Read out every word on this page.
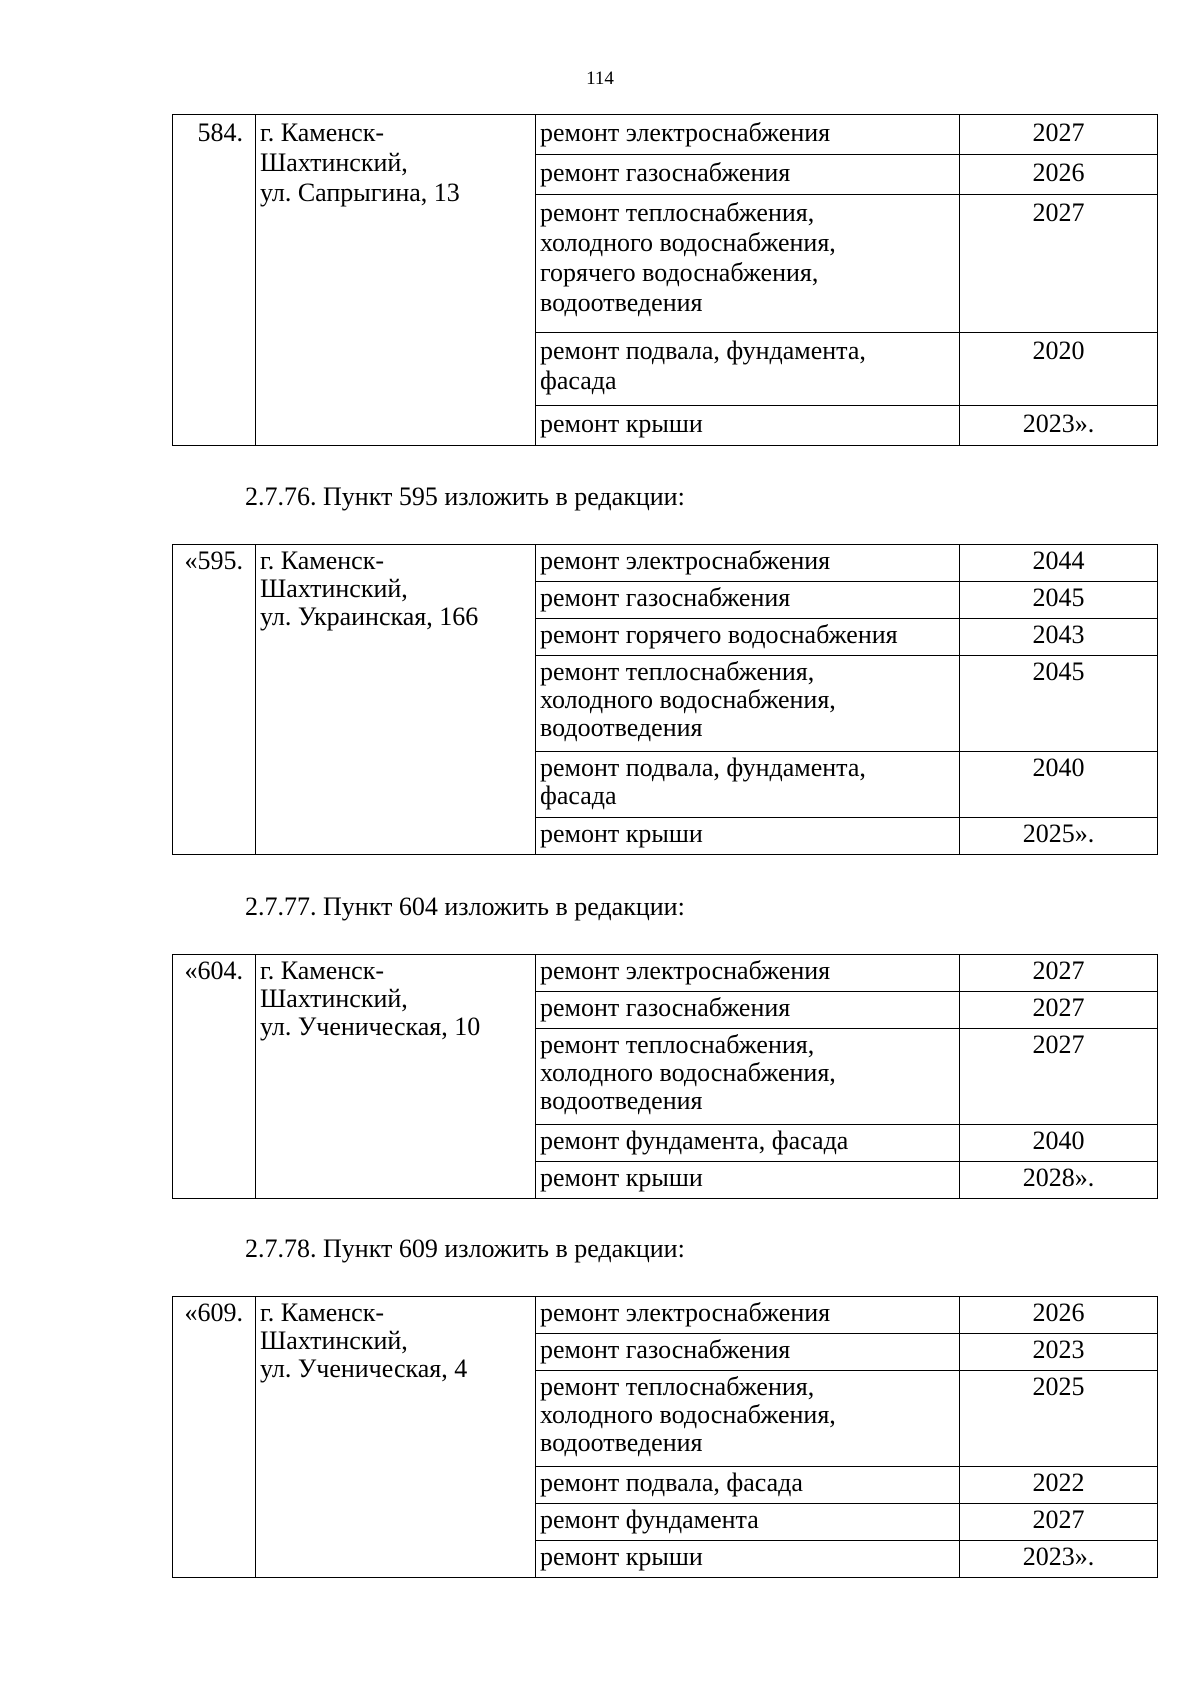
114
584.	г. Каменск-
Шахтинский,
ул. Сапрыгина, 13	ремонт электроснабжения	2027

		ремонт газоснабжения	2026

		ремонт теплоснабжения,
холодного водоснабжения,
горячего водоснабжения,
водоотведения	2027

		ремонт подвала, фундамента,
фасада	2020

		ремонт крыши	2023».
2.7.76. Пункт 595 изложить в редакции:
«595.	г. Каменск-
Шахтинский,
ул. Украинская, 166	ремонт электроснабжения	2044

		ремонт газоснабжения	2045

		ремонт горячего водоснабжения	2043

		ремонт теплоснабжения,
холодного водоснабжения,
водоотведения	2045

		ремонт подвала, фундамента,
фасада	2040

		ремонт крыши	2025».
2.7.77. Пункт 604 изложить в редакции:
«604.	г. Каменск-
Шахтинский,
ул. Ученическая, 10	ремонт электроснабжения	2027

		ремонт газоснабжения	2027

		ремонт теплоснабжения,
холодного водоснабжения,
водоотведения	2027

		ремонт фундамента, фасада	2040

		ремонт крыши	2028».
2.7.78. Пункт 609 изложить в редакции:
«609.	г. Каменск-
Шахтинский,
ул. Ученическая, 4	ремонт электроснабжения	2026

		ремонт газоснабжения	2023

		ремонт теплоснабжения,
холодного водоснабжения,
водоотведения	2025

		ремонт подвала, фасада	2022

		ремонт фундамента	2027

		ремонт крыши	2023».
